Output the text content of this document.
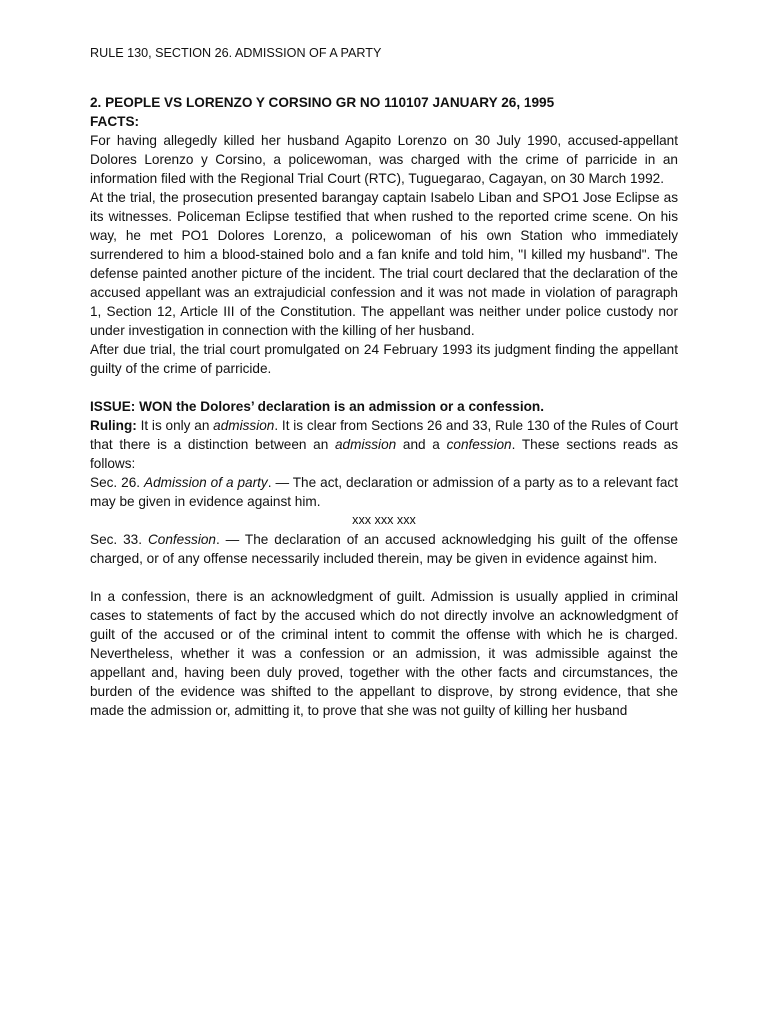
RULE 130, SECTION 26. ADMISSION OF A PARTY
2. PEOPLE VS LORENZO Y CORSINO GR NO 110107 JANUARY 26, 1995
FACTS:

For having allegedly killed her husband Agapito Lorenzo on 30 July 1990, accused-appellant Dolores Lorenzo y Corsino, a policewoman, was charged with the crime of parricide in an information filed with the Regional Trial Court (RTC), Tuguegarao, Cagayan, on 30 March 1992.

At the trial, the prosecution presented barangay captain Isabelo Liban and SPO1 Jose Eclipse as its witnesses. Policeman Eclipse testified that when rushed to the reported crime scene. On his way, he met PO1 Dolores Lorenzo, a policewoman of his own Station who immediately surrendered to him a blood-stained bolo and a fan knife and told him, "I killed my husband". The defense painted another picture of the incident. The trial court declared that the declaration of the accused appellant was an extrajudicial confession and it was not made in violation of paragraph 1, Section 12, Article III of the Constitution. The appellant was neither under police custody nor under investigation in connection with the killing of her husband.

After due trial, the trial court promulgated on 24 February 1993 its judgment finding the appellant guilty of the crime of parricide.

ISSUE: WON the Dolores’ declaration is an admission or a confession.

Ruling: It is only an admission. It is clear from Sections 26 and 33, Rule 130 of the Rules of Court that there is a distinction between an admission and a confession. These sections reads as follows:

Sec. 26. Admission of a party. — The act, declaration or admission of a party as to a relevant fact may be given in evidence against him.

xxx xxx xxx

Sec. 33. Confession. — The declaration of an accused acknowledging his guilt of the offense charged, or of any offense necessarily included therein, may be given in evidence against him.

In a confession, there is an acknowledgment of guilt. Admission is usually applied in criminal cases to statements of fact by the accused which do not directly involve an acknowledgment of guilt of the accused or of the criminal intent to commit the offense with which he is charged. Nevertheless, whether it was a confession or an admission, it was admissible against the appellant and, having been duly proved, together with the other facts and circumstances, the burden of the evidence was shifted to the appellant to disprove, by strong evidence, that she made the admission or, admitting it, to prove that she was not guilty of killing her husband
